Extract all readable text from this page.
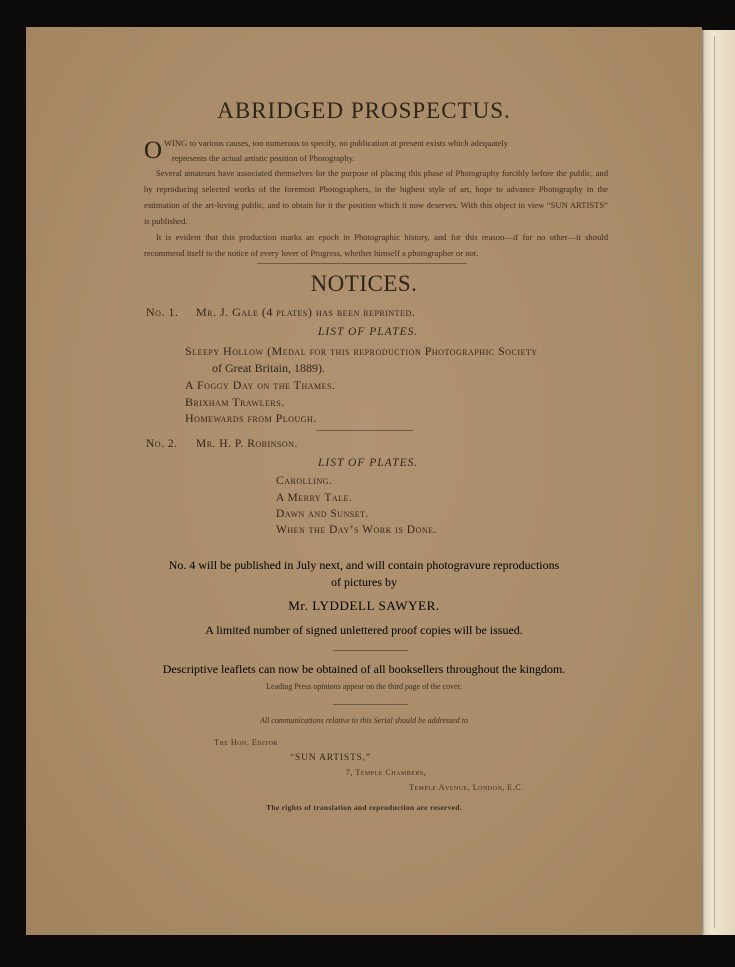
ABRIDGED PROSPECTUS.
O WING to various causes, too numerous to specify, no publication at present exists which adequately
represents the actual artistic position of Photography.
Several amateurs have associated themselves for the purpose of placing this phase of Photography forcibly before the public, and by reproducing selected works of the foremost Photographers, in the highest style of art, hope to advance Photography in the estimation of the art-loving public, and to obtain for it the position which it now deserves. With this object in view “SUN ARTISTS” is published.
It is evident that this production marks an epoch in Photographic history, and for this reason—if for no other—it should recommend itself to the notice of every lover of Progress, whether himself a photographer or not.
NOTICES.
No. 1. Mr. J. Gale (4 plates) has been reprinted.
LIST OF PLATES.
Sleepy Hollow (Medal for this reproduction Photographic Society
of Great Britain, 1889).
A Foggy Day on the Thames.
Brixham Trawlers.
Homewards from Plough.
No. 2. Mr. H. P. Robinson.
LIST OF PLATES.
Carolling.
A Merry Tale.
Dawn and Sunset.
When the Day’s Work is Done.
No. 4 will be published in July next, and will contain photogravure reproductions
of pictures by
Mr. LYDDELL SAWYER.
A limited number of signed unlettered proof copies will be issued.
Descriptive leaflets can now be obtained of all booksellers throughout the kingdom.
Leading Press opinions appear on the third page of the cover.
All communications relative to this Serial should be addressed to
The Hon. Editor
“SUN ARTISTS,”
7, Temple Chambers,
Temple Avenue, London, E.C.
The rights of translation and reproduction are reserved.
